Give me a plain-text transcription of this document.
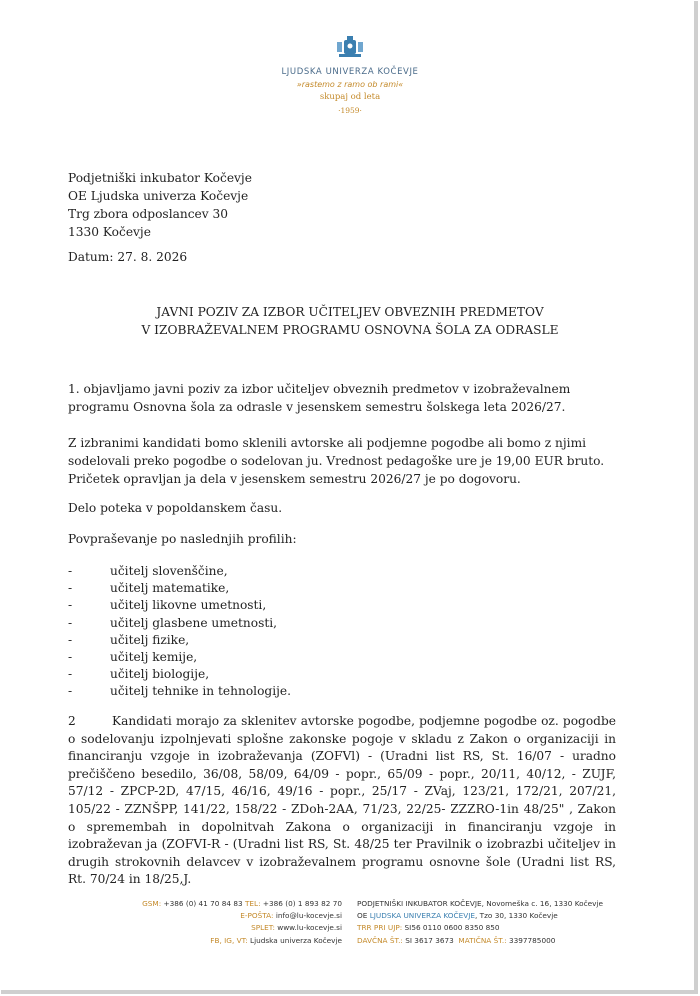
LJUDSKA UNIVERZA KOČEVJE
»rastemo z ramo ob rami«
skupaj od leta
·1959·
Podjetniški inkubator Kočevje
OE Ljudska univerza Kočevje
Trg zbora odposlancev 30
1330 Kočevje
Datum: 27. 8. 2026
JAVNI POZIV ZA IZBOR UČITELJEV OBVEZNIH PREDMETOV
V IZOBRAŽEVALNEM PROGRAMU OSNOVNA ŠOLA ZA ODRASLE
1. objavljamo javni poziv za izbor učiteljev obveznih predmetov v izobraževalnem programu Osnovna šola za odrasle v jesenskem semestru šolskega leta 2026/27.
Z izbranimi kandidati bomo sklenili avtorske ali podjemne pogodbe ali bomo z njimi sodelovali preko pogodbe o sodelovan ju. Vrednost pedagoške ure je 19,00 EUR bruto. Pričetek opravljan ja dela v jesenskem semestru 2026/27 je po dogovoru.
Delo poteka v popoldanskem času.
Povpraševanje po naslednjih profilih:
-	učitelj slovenščine,
-	učitelj matematike,
-	učitelj likovne umetnosti,
-	učitelj glasbene umetnosti,
-	učitelj fizike,
-	učitelj kemije,
-	učitelj biologije,
-	učitelj tehnike in tehnologije.
2	Kandidati morajo za sklenitev avtorske pogodbe, podjemne pogodbe oz. pogodbe o sodelovanju izpolnjevati splošne zakonske pogoje v skladu z Zakon o organizaciji in financiranju vzgoje in izobraževanja (ZOFVl) - (Uradni list RS, St. 16/07 - uradno prečiščeno besedilo, 36/08, 58/09, 64/09 - popr., 65/09 - popr., 20/11, 40/12, - ZUJF, 57/12 - ZPCP-2D, 47/15, 46/16, 49/16 - popr., 25/17 - ZVaj, 123/21, 172/21, 207/21, 105/22 - ZZNŠPP, 141/22, 158/22 - ZDoh-2AA, 71/23, 22/25- ZZZRO-1in 48/25" , Zakon o spremembah in dopolnitvah Zakona o organizaciji in financiranju vzgoje in izobraževan ja (ZOFVI-R - (Uradni list RS, St. 48/25 ter Pravilnik o izobrazbi učiteljev in drugih strokovnih delavcev v izobraževalnem programu osnovne šole (Uradni list RS, Rt. 70/24 in 18/25,J.
GSM: +386 (0) 41 70 84 83 TEL: +386 (0) 1 893 82 70
E-POŠTA: info@lu-kocevje.si
SPLET: www.lu-kocevje.si
FB, IG, VT: Ljudska univerza Kočevje
PODJETNIŠKI INKUBATOR KOČEVJE, Novomeška c. 16, 1330 Kočevje
OE LJUDSKA UNIVERZA KOČEVJE, Tzo 30, 1330 Kočevje
TRR PRI UJP: SI56 0110 0600 8350 850
DAVČNA ŠT.: SI 3617 3673 MATIČNA ŠT.: 3397785000
